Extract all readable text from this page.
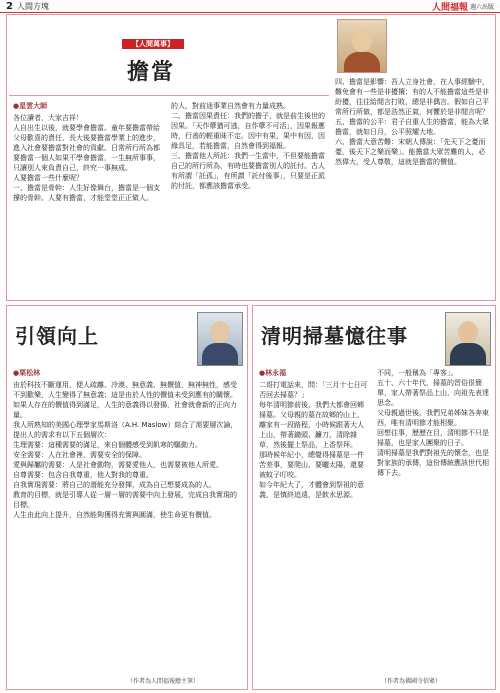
2 人間方塊	人間福報 週六出版
【人間萬事】
擔當
●星雲大師
各位讀者，大家吉祥！
人自出生以後，就要學會擔當。童年要擔當帶給父母歡喜的責任，長大後要擔當學業上的進步，進入社會要擔當對社會的貢獻。日常所行所為都要擔當一個人如果不學會擔當，一生無所事事，只讓別人來負責自己，終究一事無成。
人要擔當一些什麼呢？
一、擔當是骨幹：人生好像舞台，擔當是一個支撐的骨幹。人要有擔當，才能堂堂正正做人。
的人，對前途事業自然會有力量成熟。
二、擔當因果責任：我們的擔子，就是前生後世的因果。「天作孽猶可逃，自作孽不可活」，因果報應時，行善的輕重昧不定。因中有果，果中有因，因緣具足，若能擔當，自然會得到福報。
三、擔當他人所託：我們一生當中，不但要能擔當自己的所行所為，有時也要擔當別人的託付。古人有所謂「託孤」，有所謂「託付後事」，只要是正派的付託，都應該擔當承受。
四、擔當是影響：吾人立身社會，在人事經驗中，難免會有一些是非擾攘；有的人不能擔當這些是非紛擾，往往給閒言打敗，總是非偶言。假如自己平常所行所做，都是浩然正氣，何懼於是非閒言呢？
五、擔當的公平：君子自重人生的擔當，能為大眾擔當，就如日月，公平照耀大地。
六、擔當大意苦難：宋朝人傳說：「先天下之憂而憂，後天下之樂而樂」。能擔當大眾苦難的人，必然偉大，受人尊敬，這就是擔當的價值。
引領向上
●栗松林
由於科技不斷運用，便人疏離、冷漠、無意義、無價值，無神無性，感受不到歡樂，人生變得了無意義；這是由於人性的價值未受到應有的關懷。如果人存在的價值得到滿足，人生的意義得以發揚，社會就會新的正向力量。
我人所熟知的美國心理學家馬斯洛（A.H. Maslow）綜合了需要層次論，提出人的需求有以下五個層次：
生理需要：這種需要的滿足，來自個體感受到飢寒的驅動力。
安全需要：人在社會裡，需要安全的保障。
愛與歸屬的需要：人是社會動物，需要愛他人，也需要被他人所愛。
自尊需要：包含自我尊重，他人對我的尊重。
自我實現需要：將自己的潛能充分發揮，成為自己想要成為的人。
教育的目標，就是引導人從一層一層的需要中向上發展，完成自我實現的目標。
人生由此向上提升，自然能夠獲得充實與圓滿，使生命更有價值。
（作者為人間福報總主筆）
清明掃墓憶往事
●林永福
二哥打電話來，問：「三月十七日可否回去掃墓？」
每年清明節前後，我們大都會回鄉掃墓。父母親的墓在故鄉的山上，離家有一段路程，小時候跟著大人上山，帶著鋤頭、鐮刀，清除雜草，然後擺上祭品，上香祭拜。
那時候年紀小，總覺得掃墓是一件苦差事，要爬山、要曬太陽，還要被蚊子叮咬。
如今年紀大了，才體會到祭祖的意義，是慎終追遠，是飲水思源。
不同，一般稱為「專客」。
五十、六十年代，掃墓的習俗很簡單，家人帶著祭品上山，向祖先表達思念。
父母親過世後，我們兄弟姊妹各奔東西，唯有清明節才能相聚。
回想往事，歷歷在目，清明節不只是掃墓，也是家人團聚的日子。
清明掃墓是我們對祖先的懷念，也是對家族的承傳，這份傳統應該世代相傳下去。
（作者為佛國寺信眾）
